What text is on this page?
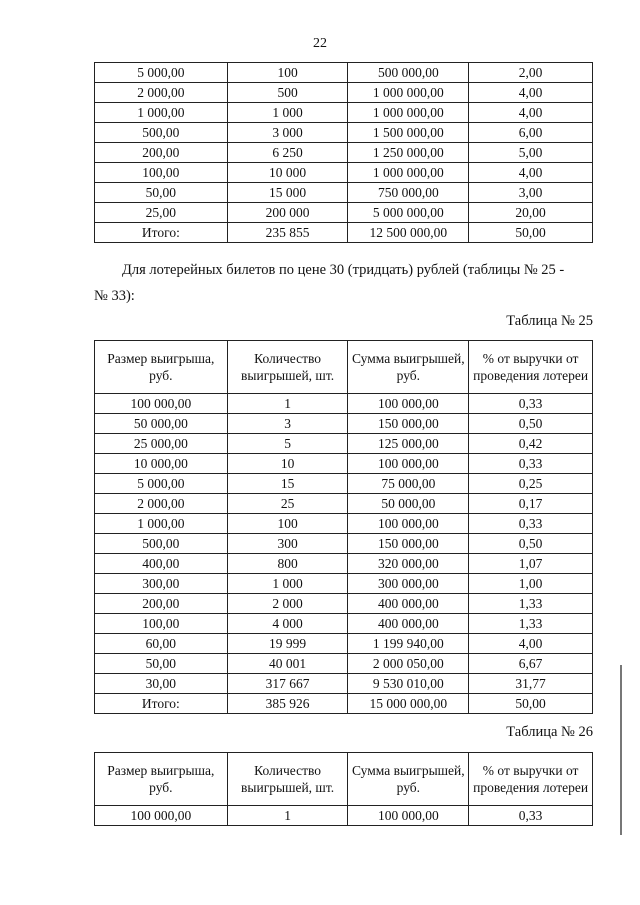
22
5 000,00	100	500 000,00	2,00
2 000,00	500	1 000 000,00	4,00
1 000,00	1 000	1 000 000,00	4,00
500,00	3 000	1 500 000,00	6,00
200,00	6 250	1 250 000,00	5,00
100,00	10 000	1 000 000,00	4,00
50,00	15 000	750 000,00	3,00
25,00	200 000	5 000 000,00	20,00
Итого:	235 855	12 500 000,00	50,00
Для лотерейных билетов по цене 30 (тридцать) рублей (таблицы № 25 -
№ 33):
Таблица № 25
Размер выигрыша, руб.	Количество выигрышей, шт.	Сумма выигрышей, руб.	% от выручки от проведения лотереи
100 000,00	1	100 000,00	0,33
50 000,00	3	150 000,00	0,50
25 000,00	5	125 000,00	0,42
10 000,00	10	100 000,00	0,33
5 000,00	15	75 000,00	0,25
2 000,00	25	50 000,00	0,17
1 000,00	100	100 000,00	0,33
500,00	300	150 000,00	0,50
400,00	800	320 000,00	1,07
300,00	1 000	300 000,00	1,00
200,00	2 000	400 000,00	1,33
100,00	4 000	400 000,00	1,33
60,00	19 999	1 199 940,00	4,00
50,00	40 001	2 000 050,00	6,67
30,00	317 667	9 530 010,00	31,77
Итого:	385 926	15 000 000,00	50,00
Таблица № 26
Размер выигрыша, руб.	Количество выигрышей, шт.	Сумма выигрышей, руб.	% от выручки от проведения лотереи
100 000,00	1	100 000,00	0,33
